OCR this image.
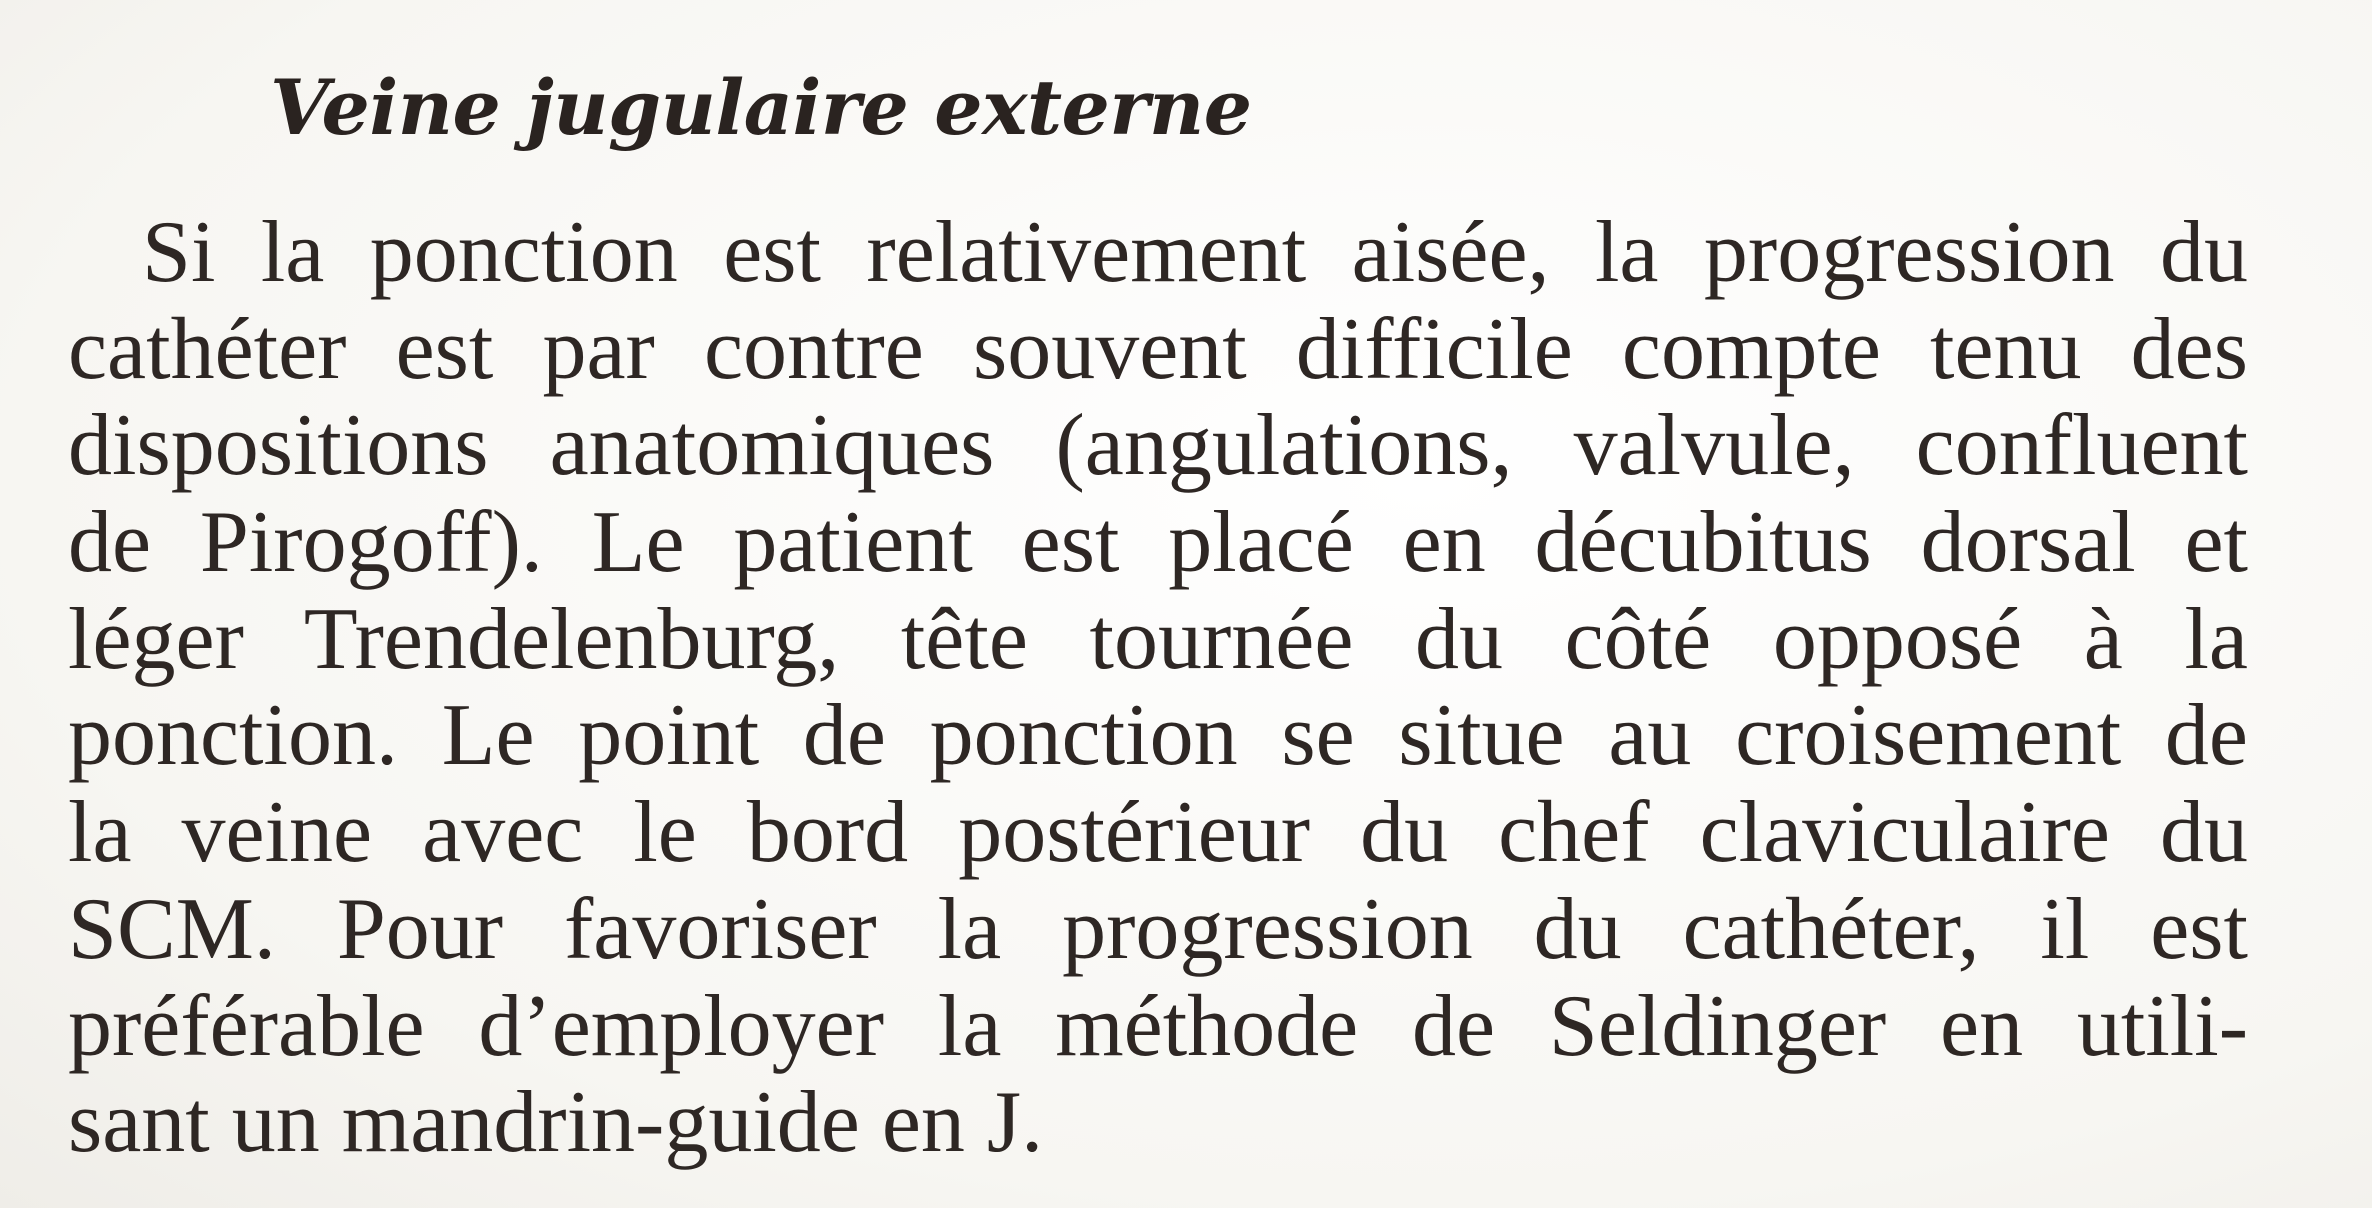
Veine jugulaire externe

Si la ponction est relativement aisée, la progression du
cathéter est par contre souvent difficile compte tenu des
dispositions anatomiques (angulations, valvule, confluent
de Pirogoff). Le patient est placé en décubitus dorsal et
léger Trendelenburg, tête tournée du côté opposé à la
ponction. Le point de ponction se situe au croisement de
la veine avec le bord postérieur du chef claviculaire du
SCM. Pour favoriser la progression du cathéter, il est
préférable d’employer la méthode de Seldinger en utili-
sant un mandrin-guide en J.
